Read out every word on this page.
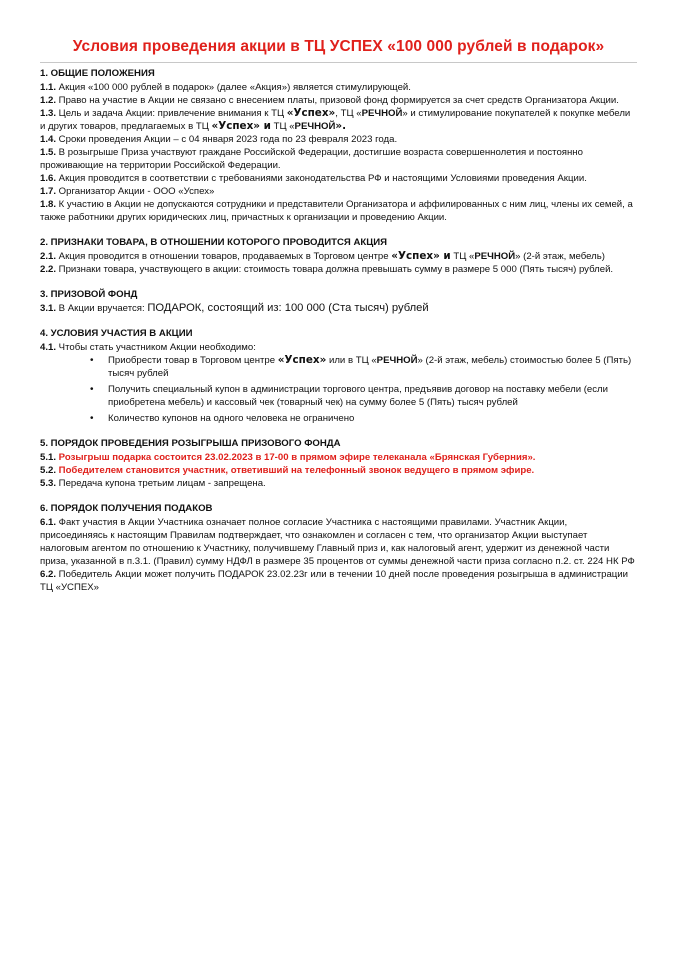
Условия проведения акции в ТЦ УСПЕХ «100 000 рублей в подарок»
1. ОБЩИЕ ПОЛОЖЕНИЯ

1.1. Акция «100 000 рублей в подарок» (далее «Акция») является стимулирующей.

1.2. Право на участие в Акции не связано с внесением платы, призовой фонд формируется за счет средств Организатора Акции.

1.3. Цель и задача Акции: привлечение внимания к ТЦ «Успех», ТЦ «РЕЧНОЙ» и стимулирование покупателей к покупке мебели и других товаров, предлагаемых в ТЦ «Успех» и ТЦ «РЕЧНОЙ».

1.4. Сроки проведения Акции – с 04 января 2023 года по 23 февраля 2023 года.

1.5. В розыгрыше Приза участвуют граждане Российской Федерации, достигшие возраста совершеннолетия и постоянно проживающие на территории Российской Федерации.

1.6. Акция проводится в соответствии с требованиями законодательства РФ и настоящими Условиями проведения Акции.

1.7. Организатор Акции - ООО «Успех»

1.8. К участию в Акции не допускаются сотрудники и представители Организатора и аффилированных с ним лиц, члены их семей, а также работники других юридических лиц, причастных к организации и проведению Акции.

2. ПРИЗНАКИ ТОВАРА, В ОТНОШЕНИИ КОТОРОГО ПРОВОДИТСЯ АКЦИЯ

2.1. Акция проводится в отношении товаров, продаваемых в Торговом центре «Успех» и ТЦ «РЕЧНОЙ» (2-й этаж, мебель)

2.2. Признаки товара, участвующего в акции: стоимость товара должна превышать сумму в размере 5 000 (Пять тысяч) рублей.

3. ПРИЗОВОЙ ФОНД

3.1. В Акции вручается: ПОДАРОК, состоящий из: 100 000 (Ста тысяч) рублей

4. УСЛОВИЯ УЧАСТИЯ В АКЦИИ

4.1. Чтобы стать участником Акции необходимо:

• Приобрести товар в Торговом центре «Успех» или в ТЦ «РЕЧНОЙ» (2-й этаж, мебель) стоимостью более 5 (Пять) тысяч рублей
• Получить специальный купон в администрации торгового центра, предъявив договор на поставку мебели (если приобретена мебель) и кассовый чек (товарный чек) на сумму более 5 (Пять) тысяч рублей
• Количество купонов на одного человека не ограничено
5. ПОРЯДОК ПРОВЕДЕНИЯ РОЗЫГРЫША ПРИЗОВОГО ФОНДА

5.1. Розыгрыш подарка состоится 23.02.2023 в 17-00 в прямом эфире телеканала «Брянская Губерния».

5.2. Победителем становится участник, ответивший на телефонный звонок ведущего в прямом эфире.

5.3. Передача купона третьим лицам - запрещена.

6. ПОРЯДОК ПОЛУЧЕНИЯ ПОДАКОВ

6.1. Факт участия в Акции Участника означает полное согласие Участника с настоящими правилами. Участник Акции, присоединяясь к настоящим Правилам подтверждает, что ознакомлен и согласен с тем, что организатор Акции выступает налоговым агентом по отношению к Участнику, получившему Главный приз и, как налоговый агент, удержит из денежной части приза, указанной в п.3.1. (Правил) сумму НДФЛ в размере 35 процентов от суммы денежной части приза согласно п.2. ст. 224 НК РФ

6.2. Победитель Акции может получить ПОДАРОК 23.02.23г или в течении 10 дней после проведения розыгрыша в администрации ТЦ «УСПЕХ»
